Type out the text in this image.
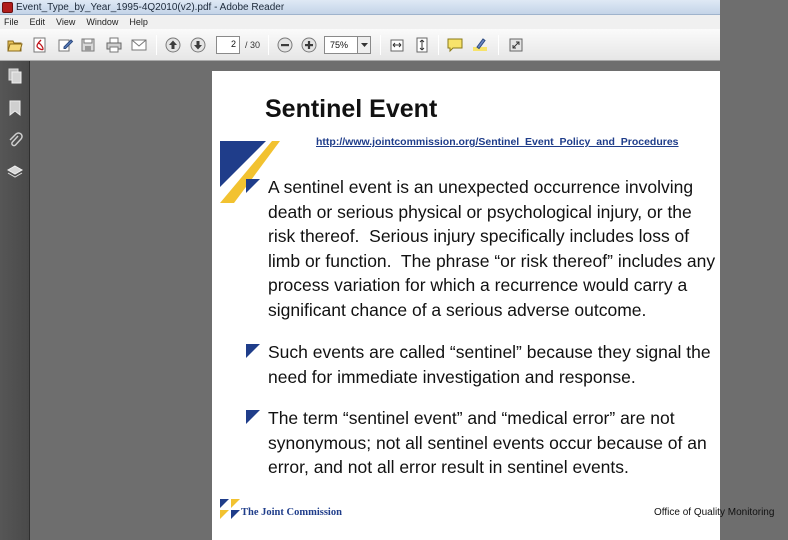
Event_Type_by_Year_1995-4Q2010(v2).pdf - Adobe Reader
File Edit View Window Help
2	/ 30	75%
Sentinel Event
http://www.jointcommission.org/Sentinel_Event_Policy_and_Procedures
A sentinel event is an unexpected occurrence involving
death or serious physical or psychological injury, or the
risk thereof.  Serious injury specifically includes loss of
limb or function.  The phrase “or risk thereof” includes any
process variation for which a recurrence would carry a
significant chance of a serious adverse outcome.
Such events are called “sentinel” because they signal the
need for immediate investigation and response.
The term “sentinel event” and “medical error” are not
synonymous; not all sentinel events occur because of an
error, and not all error result in sentinel events.
The Joint Commission	Office of Quality Monitoring
